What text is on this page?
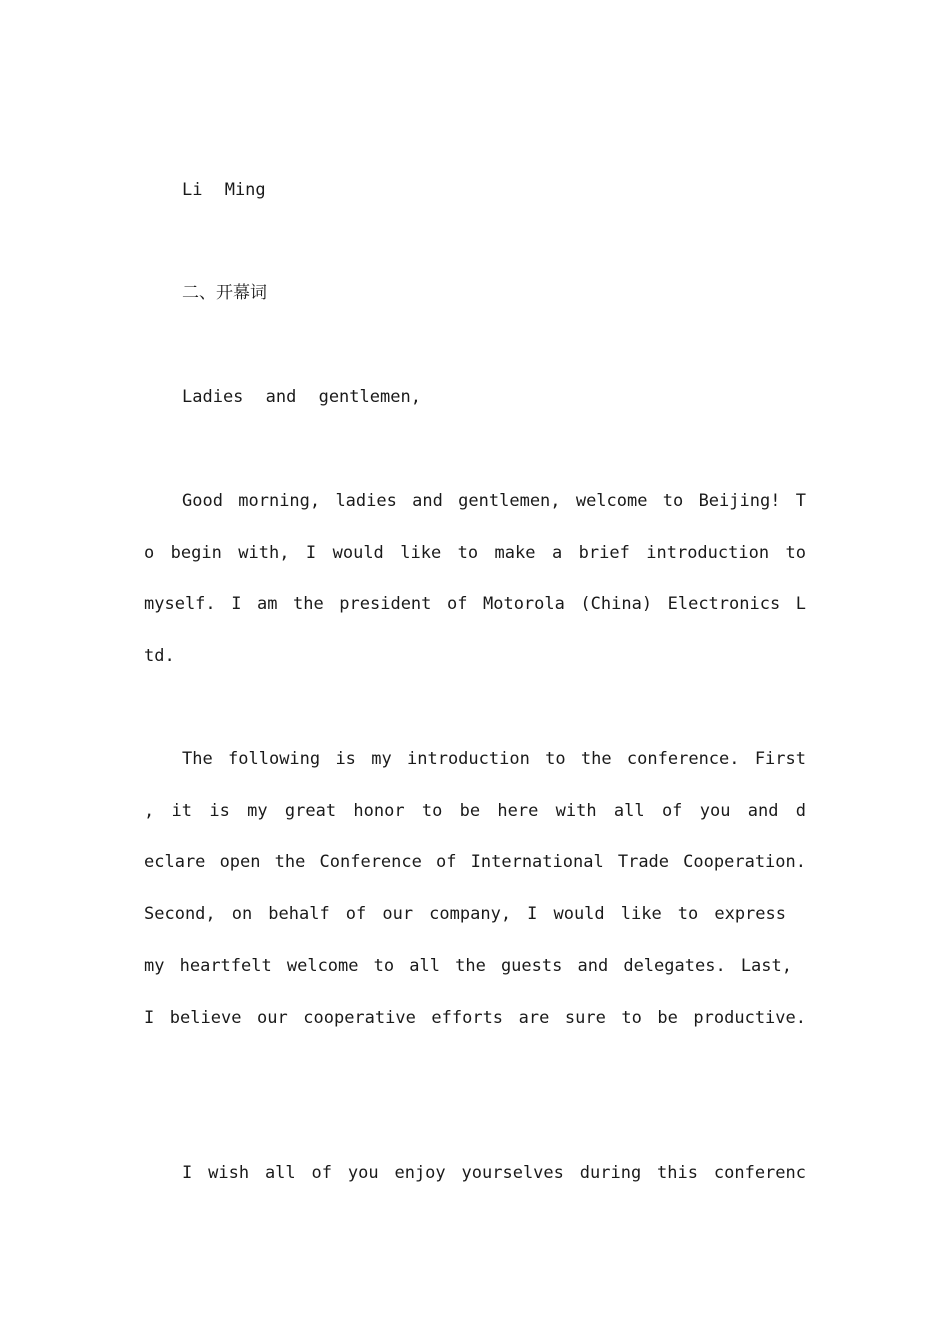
Li Ming
二、开幕词
Ladies and gentlemen,
Good morning, ladies and gentlemen, welcome to Beijing! T
o begin with, I would like to make a brief introduction to
myself. I am the president of Motorola (China) Electronics L
td.
The following is my introduction to the conference. First
, it is my great honor to be here with all of you and d
eclare open the Conference of International Trade Cooperation.
Second, on behalf of our company, I would like to express
my heartfelt welcome to all the guests and delegates. Last,
I believe our cooperative efforts are sure to be productive.
I wish all of you enjoy yourselves during this conferenc
